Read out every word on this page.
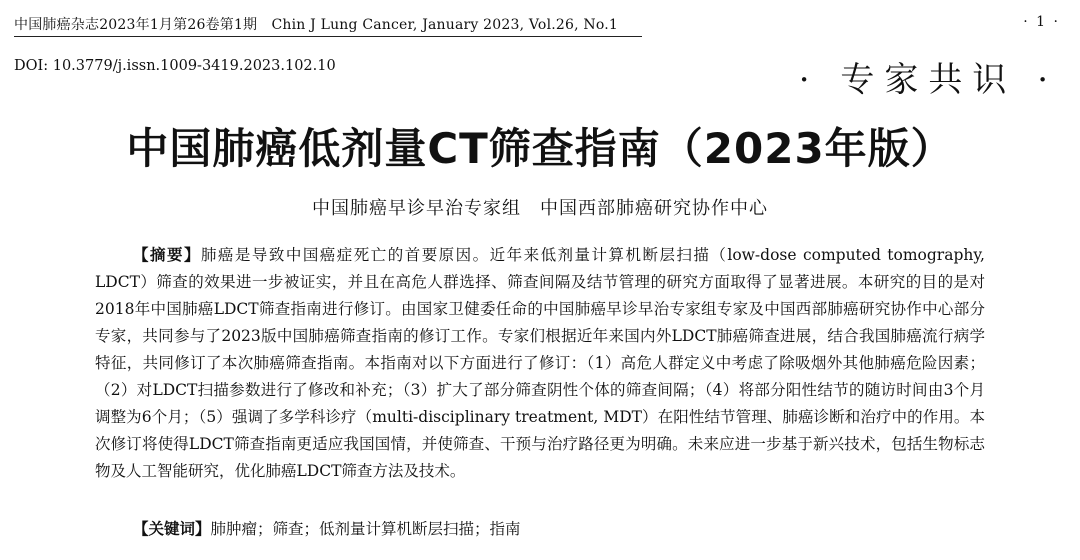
中国肺癌杂志2023年1月第26卷第1期　Chin J Lung Cancer, January 2023, Vol.26, No.1	· 1 ·
DOI: 10.3779/j.issn.1009-3419.2023.102.10	· 专家共识 ·
中国肺癌低剂量CT筛查指南（2023年版）
中国肺癌早诊早治专家组　中国西部肺癌研究协作中心
【摘要】肺癌是导致中国癌症死亡的首要原因。近年来低剂量计算机断层扫描（low-dose computed tomography, LDCT）筛查的效果进一步被证实，并且在高危人群选择、筛查间隔及结节管理的研究方面取得了显著进展。本研究的目的是对2018年中国肺癌LDCT筛查指南进行修订。由国家卫健委任命的中国肺癌早诊早治专家组专家及中国西部肺癌研究协作中心部分专家，共同参与了2023版中国肺癌筛查指南的修订工作。专家们根据近年来国内外LDCT肺癌筛查进展，结合我国肺癌流行病学特征，共同修订了本次肺癌筛查指南。本指南对以下方面进行了修订：（1）高危人群定义中考虑了除吸烟外其他肺癌危险因素；（2）对LDCT扫描参数进行了修改和补充；（3）扩大了部分筛查阴性个体的筛查间隔；（4）将部分阳性结节的随访时间由3个月调整为6个月；（5）强调了多学科诊疗（multi-disciplinary treatment, MDT）在阳性结节管理、肺癌诊断和治疗中的作用。本次修订将使得LDCT筛查指南更适应我国国情，并使筛查、干预与治疗路径更为明确。未来应进一步基于新兴技术，包括生物标志物及人工智能研究，优化肺癌LDCT筛查方法及技术。
【关键词】肺肿瘤；筛查；低剂量计算机断层扫描；指南
